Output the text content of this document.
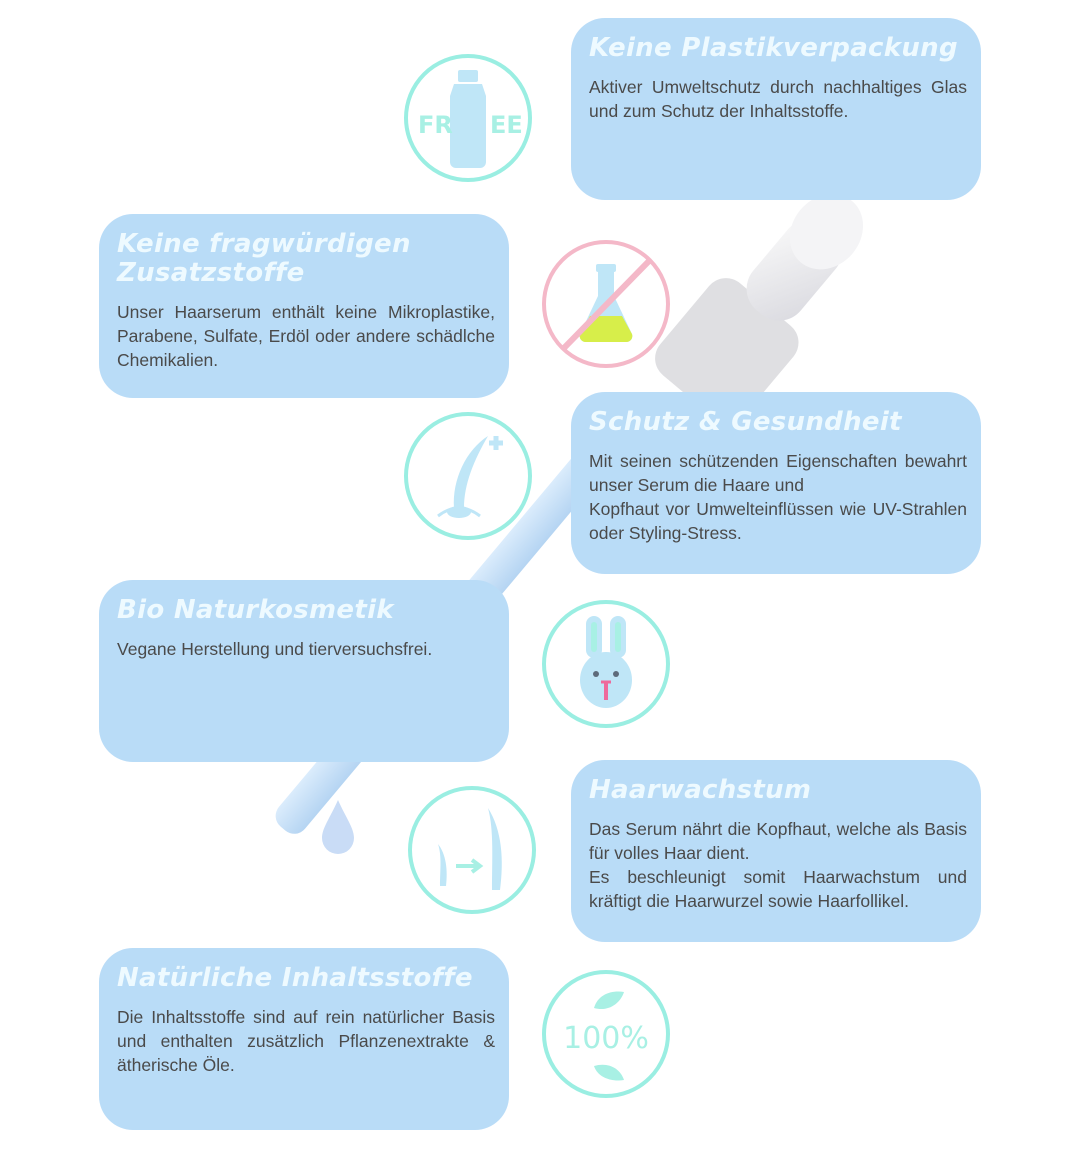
Keine Plastikverpackung

Aktiver Umweltschutz durch nachhaltiges Glas und zum Schutz der Inhaltsstoffe.

FR EE
Keine fragwürdigen Zusatzstoffe

Unser Haarserum enthält keine Mikroplastike, Parabene, Sulfate, Erdöl oder andere schädlche Chemikalien.

Schutz & Gesundheit

Mit seinen schützenden Eigenschaften bewahrt unser Serum die Haare und
Kopfhaut vor Umwelteinflüssen wie UV-Strahlen oder Styling-Stress.

Bio Naturkosmetik

Vegane Herstellung und tierversuchsfrei.

Haarwachstum

Das Serum nährt die Kopfhaut, welche als Basis für volles Haar dient.
Es beschleunigt somit Haarwachstum und kräftigt die Haarwurzel sowie Haarfollikel.

Natürliche Inhaltsstoffe

Die Inhaltsstoffe sind auf rein natürlicher Basis und enthalten zusätzlich Pflanzenextrakte & ätherische Öle.

100%
